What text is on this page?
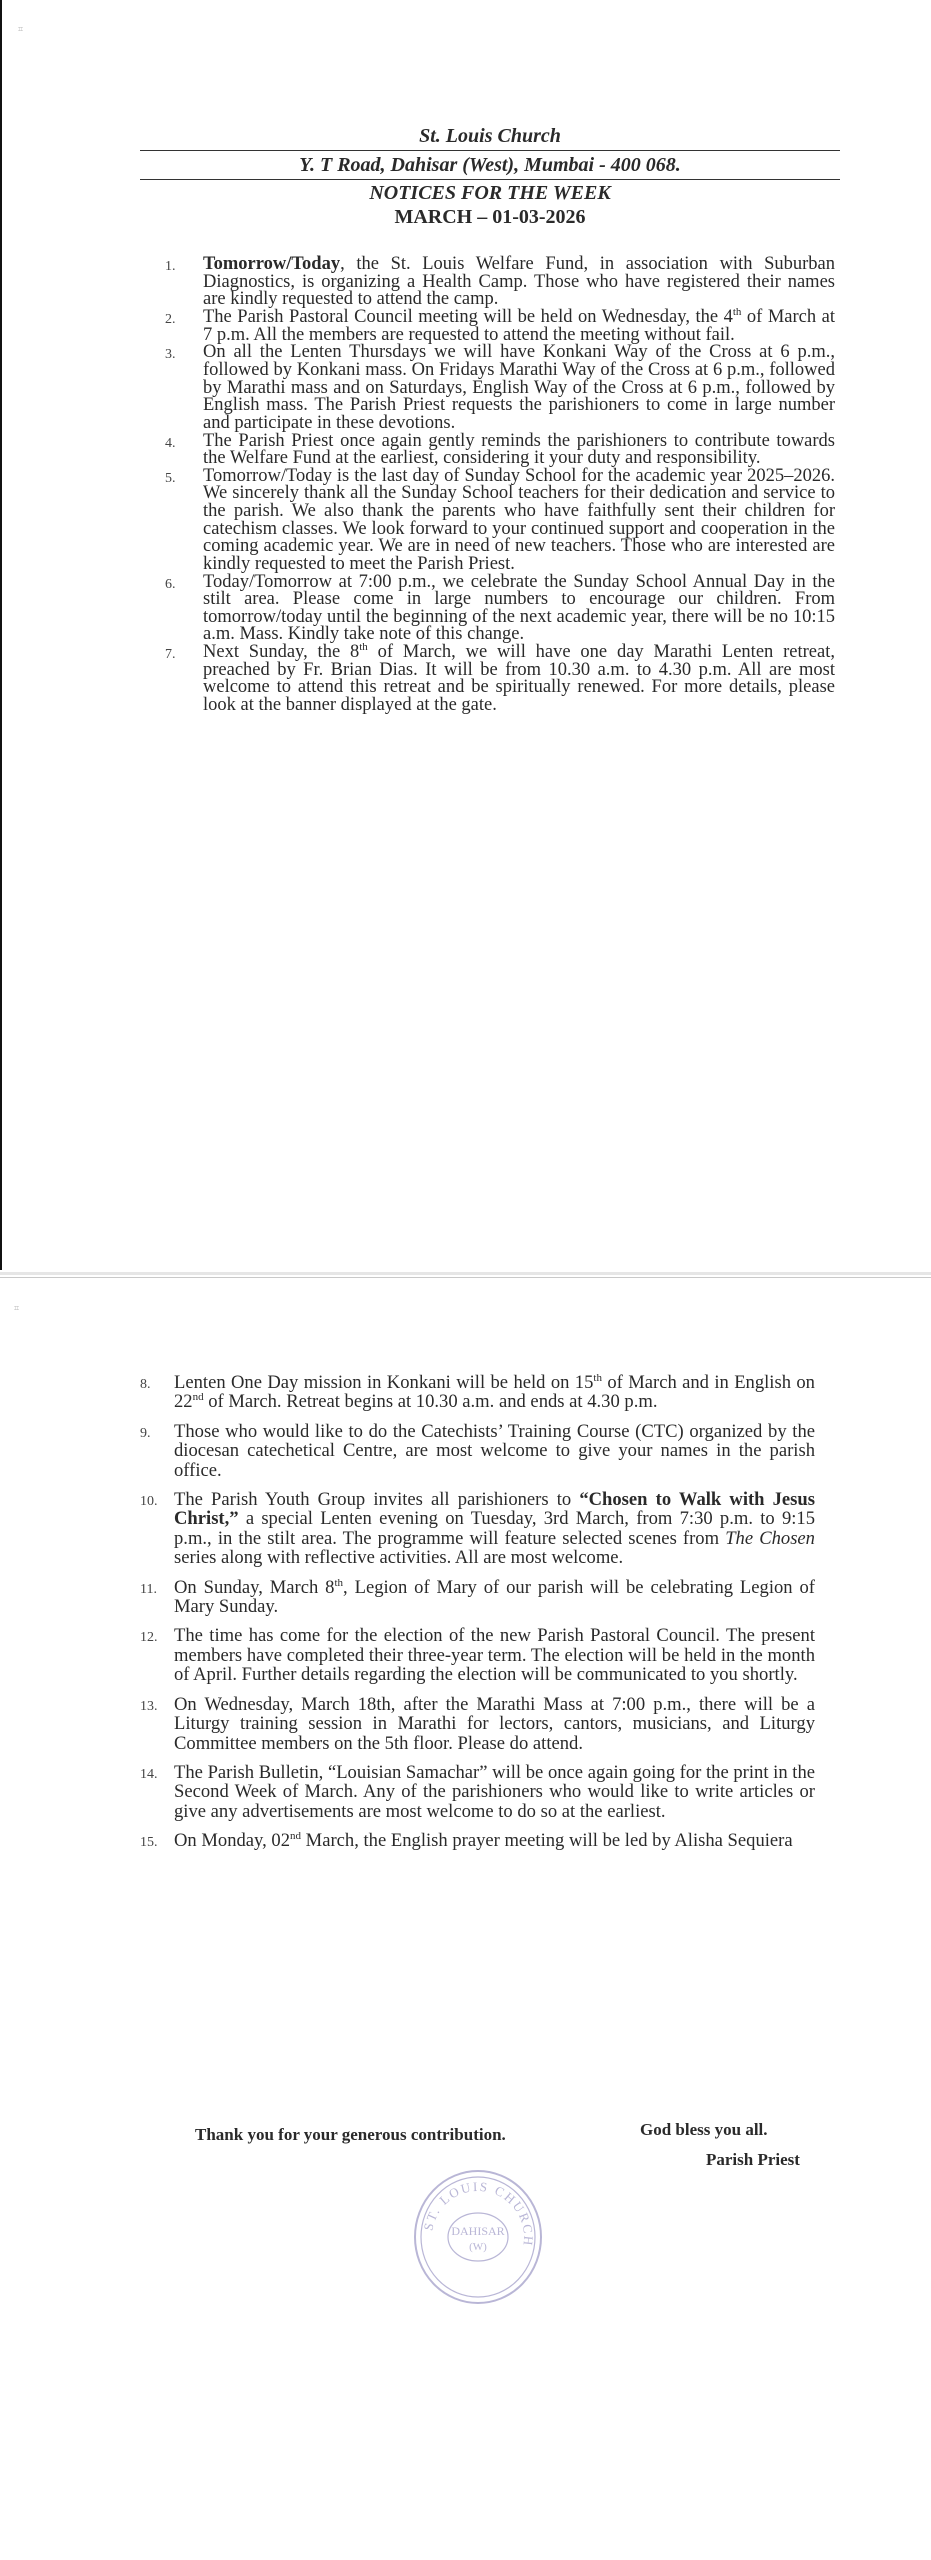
⌗
St. Louis Church
Y. T Road, Dahisar (West), Mumbai - 400 068.
NOTICES FOR THE WEEK
MARCH – 01-03-2026
1.	Tomorrow/Today, the St. Louis Welfare Fund, in association with Suburban Diagnostics, is organizing a Health Camp. Those who have registered their names are kindly requested to attend the camp.
2.	The Parish Pastoral Council meeting will be held on Wednesday, the 4th of March at 7 p.m. All the members are requested to attend the meeting without fail.
3.	On all the Lenten Thursdays we will have Konkani Way of the Cross at 6 p.m., followed by Konkani mass. On Fridays Marathi Way of the Cross at 6 p.m., followed by Marathi mass and on Saturdays, English Way of the Cross at 6 p.m., followed by English mass. The Parish Priest requests the parishioners to come in large number and participate in these devotions.
4.	The Parish Priest once again gently reminds the parishioners to contribute towards the Welfare Fund at the earliest, considering it your duty and responsibility.
5.	Tomorrow/Today is the last day of Sunday School for the academic year 2025–2026. We sincerely thank all the Sunday School teachers for their dedication and service to the parish. We also thank the parents who have faithfully sent their children for catechism classes. We look forward to your continued support and cooperation in the coming academic year. We are in need of new teachers. Those who are interested are kindly requested to meet the Parish Priest.
6.	Today/Tomorrow at 7:00 p.m., we celebrate the Sunday School Annual Day in the stilt area. Please come in large numbers to encourage our children. From tomorrow/today until the beginning of the next academic year, there will be no 10:15 a.m. Mass. Kindly take note of this change.
7.	Next Sunday, the 8th of March, we will have one day Marathi Lenten retreat, preached by Fr. Brian Dias. It will be from 10.30 a.m. to 4.30 p.m. All are most welcome to attend this retreat and be spiritually renewed. For more details, please look at the banner displayed at the gate.
⌗
8.	Lenten One Day mission in Konkani will be held on 15th of March and in English on 22nd of March. Retreat begins at 10.30 a.m. and ends at 4.30 p.m.
9.	Those who would like to do the Catechists’ Training Course (CTC) organized by the diocesan catechetical Centre, are most welcome to give your names in the parish office.
10. The Parish Youth Group invites all parishioners to “Chosen to Walk with Jesus Christ,” a special Lenten evening on Tuesday, 3rd March, from 7:30 p.m. to 9:15 p.m., in the stilt area. The programme will feature selected scenes from The Chosen series along with reflective activities. All are most welcome.
11. On Sunday, March 8th, Legion of Mary of our parish will be celebrating Legion of Mary Sunday.
12. The time has come for the election of the new Parish Pastoral Council. The present members have completed their three-year term. The election will be held in the month of April. Further details regarding the election will be communicated to you shortly.
13. On Wednesday, March 18th, after the Marathi Mass at 7:00 p.m., there will be a Liturgy training session in Marathi for lectors, cantors, musicians, and Liturgy Committee members on the 5th floor. Please do attend.
14. The Parish Bulletin, “Louisian Samachar” will be once again going for the print in the Second Week of March. Any of the parishioners who would like to write articles or give any advertisements are most welcome to do so at the earliest.
15. On Monday, 02nd March, the English prayer meeting will be led by Alisha Sequiera
Thank you for your generous contribution.	God bless you all.
Parish Priest
ST. LOUIS CHURCH
DAHISAR
(W)
